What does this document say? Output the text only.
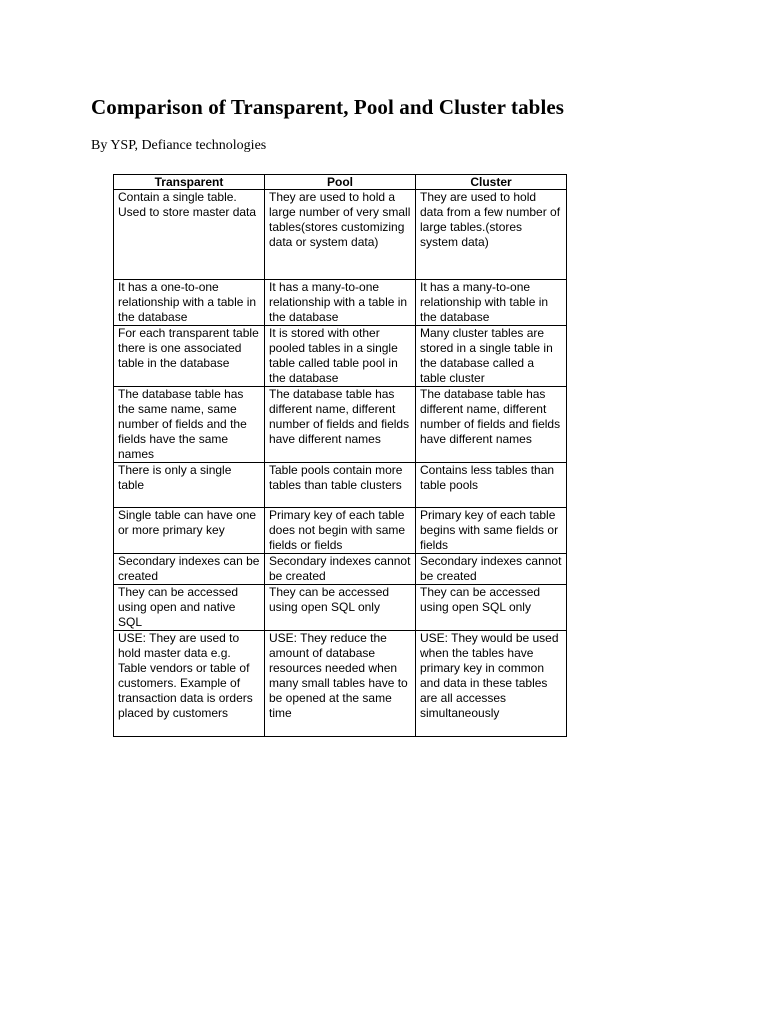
Comparison of Transparent, Pool and Cluster tables
By YSP, Defiance technologies
Transparent	Pool	Cluster
Contain a single table. Used to store master data	They are used to hold a large number of very small tables(stores customizing data or system data)	They are used to hold data from a few number of large tables.(stores system data)
It has a one-to-one relationship with a table in the database	It has a many-to-one relationship with a table in the database	It has a many-to-one relationship with table in the database
For each transparent table there is one associated table in the database	It is stored with other pooled tables in a single table called table pool in the database	Many cluster tables are stored in a single table in the database called a table cluster
The database table has the same name, same number of fields and the fields have the same names	The database table has different name, different number of fields and fields have different names	The database table has different name, different number of fields and fields have different names
There is only a single table	Table pools contain more tables than table clusters	Contains less tables than table pools
Single table can have one or more primary key	Primary key of each table does not begin with same fields or fields	Primary key of each table begins with same fields or fields
Secondary indexes can be created	Secondary indexes cannot be created	Secondary indexes cannot be created
They can be accessed using open and native SQL	They can be accessed using open SQL only	They can be accessed using open SQL only
USE: They are used to hold master data e.g. Table vendors or table of customers. Example of transaction data is orders placed by customers	USE: They reduce the amount of database resources needed when many small tables have to be opened at the same time	USE: They would be used when the tables have primary key in common and data in these tables are all accesses simultaneously
